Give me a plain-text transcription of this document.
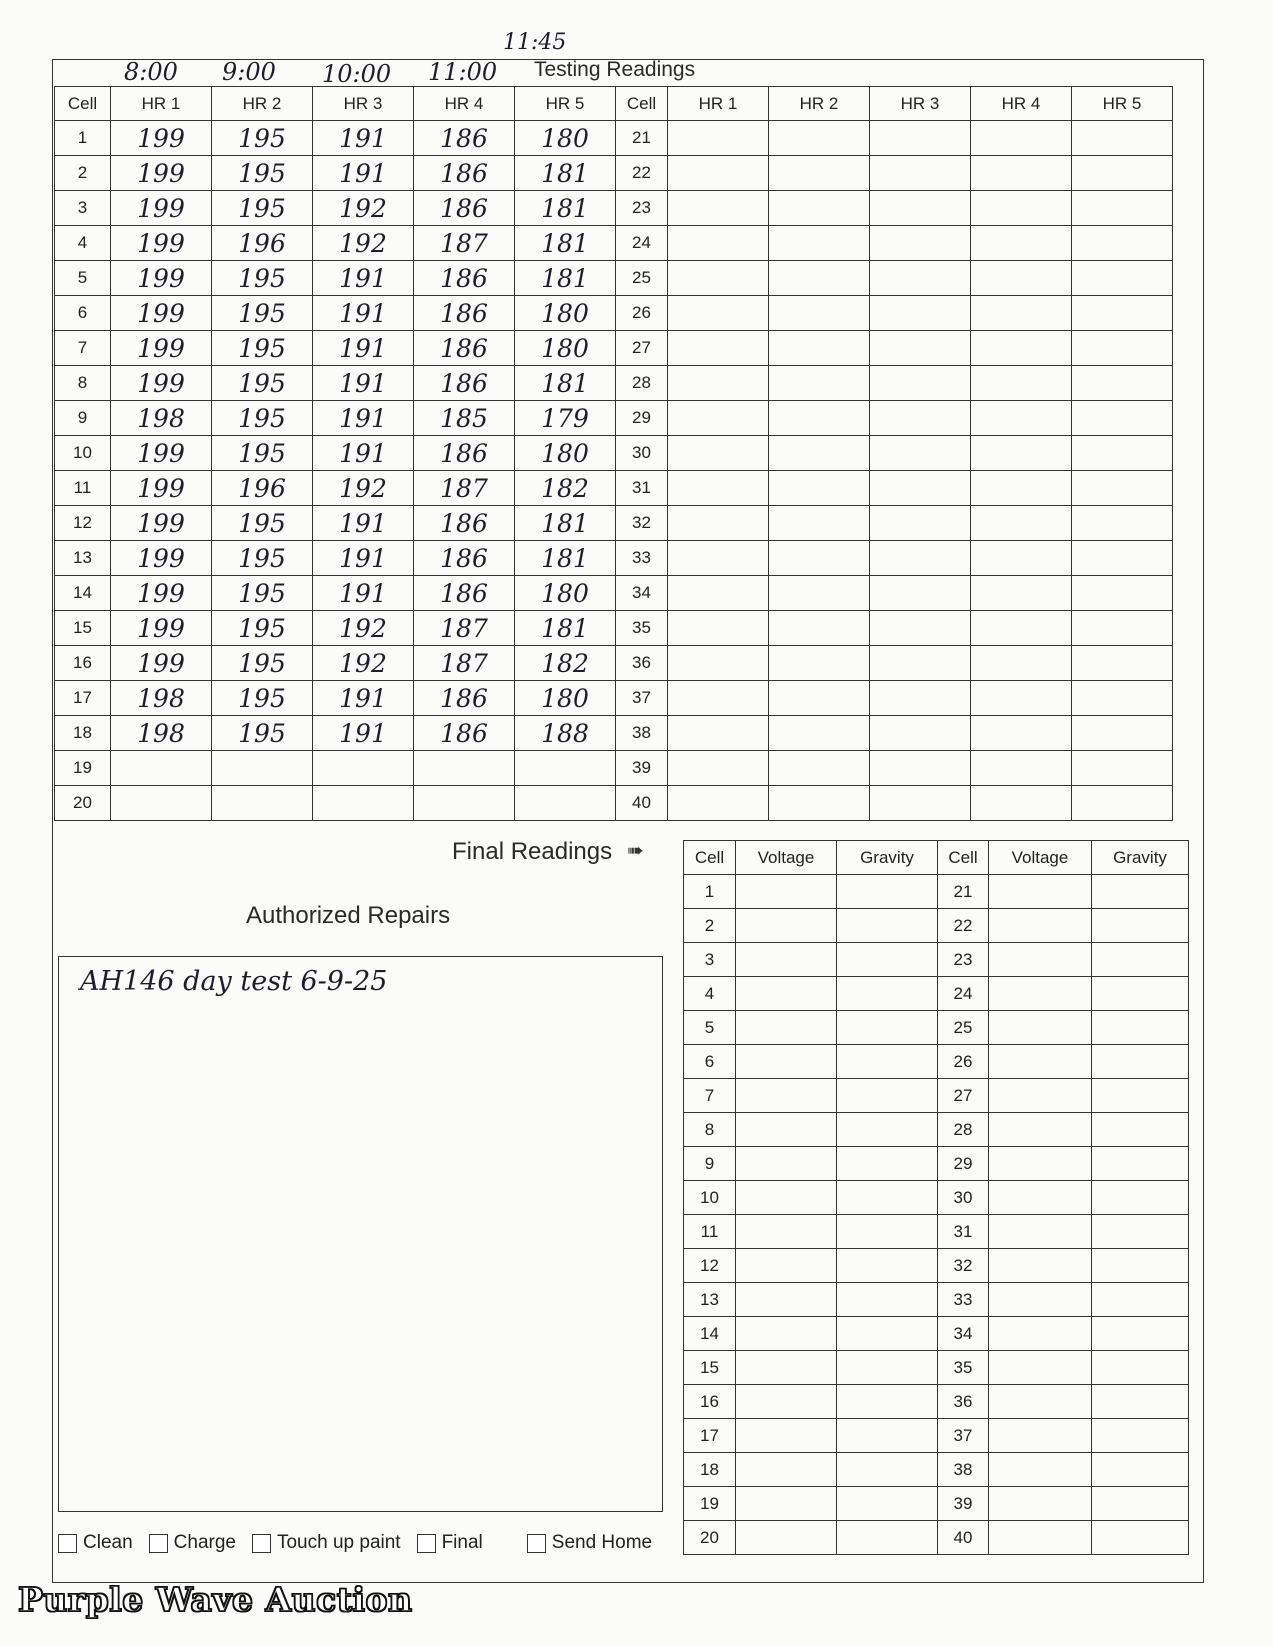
8:00 9:00 10:00 11:00
11:45
Testing Readings
Cell	HR 1	HR 2	HR 3	HR 4	HR 5	Cell	HR 1	HR 2	HR 3	HR 4	HR 5
1	199	195	191	186	180	21					
2	199	195	191	186	181	22					
3	199	195	192	186	181	23					
4	199	196	192	187	181	24					
5	199	195	191	186	181	25					
6	199	195	191	186	180	26					
7	199	195	191	186	180	27					
8	199	195	191	186	181	28					
9	198	195	191	185	179	29					
10	199	195	191	186	180	30					
11	199	196	192	187	182	31					
12	199	195	191	186	181	32					
13	199	195	191	186	181	33					
14	199	195	191	186	180	34					
15	199	195	192	187	181	35					
16	199	195	192	187	182	36					
17	198	195	191	186	180	37					
18	198	195	191	186	188	38					
19						39					
20						40					
Final Readings ➠	Cell	Voltage	Gravity	Cell	Voltage	Gravity
1			21		
2			22		
3			23		
4			24		
5			25		
6			26		
7			27		
8			28		
9			29		
10			30		
11			31		
12			32		
13			33		
14			34		
15			35		
16			36		
17			37		
18			38		
19			39		
20			40		
Authorized Repairs
AH146 day test 6-9-25
Clean Charge Touch up paint Final	Send Home
Purple Wave Auction
